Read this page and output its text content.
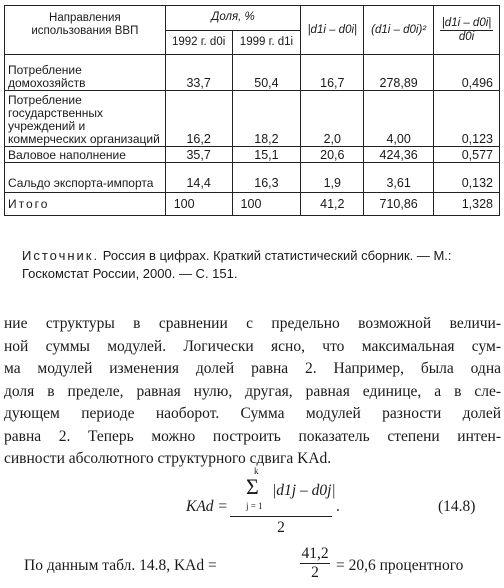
Направления использования ВВП	Доля, %		|d1i – d0i|	(d1i – d0i)²	$\frac{|d1i - d0i|}{d0i}$

	1992 г. d0i	1999 г. d1i			
Потребление домохозяйств	33,7	50,4	16,7	278,89	0,496
Потребление государственных учреждений и коммерческих организаций	16,2	18,2	2,0	4,00	0,123
Валовое наполнение	35,7	15,1	20,6	424,36	0,577
Сальдо экспорта-импорта	14,4	16,3	1,9	3,61	0,132
Итого	100	100	41,2	710,86	1,328
Источник. Россия в цифрах. Краткий статистический сборник. — М.: Госкомстат России, 2000. — С. 151.
ние структуры в сравнении с предельно возможной величи-
ной суммы модулей. Логически ясно, что максимальная сум-
ма модулей изменения долей равна 2. Например, была одна
доля в пределе, равная нулю, другая, равная единице, а в сле-
дующем периоде наоборот. Сумма модулей разности долей
равна 2. Теперь можно построить показатель степени интен-
сивности абсолютного структурного сдвига KAd.
KAd = k
Σ
j = 1
|d1j – d0j|
2 .	(14.8)
По данным табл. 14.8, KAd =	$\frac{41,2}{2} = 20,6$ процентного
